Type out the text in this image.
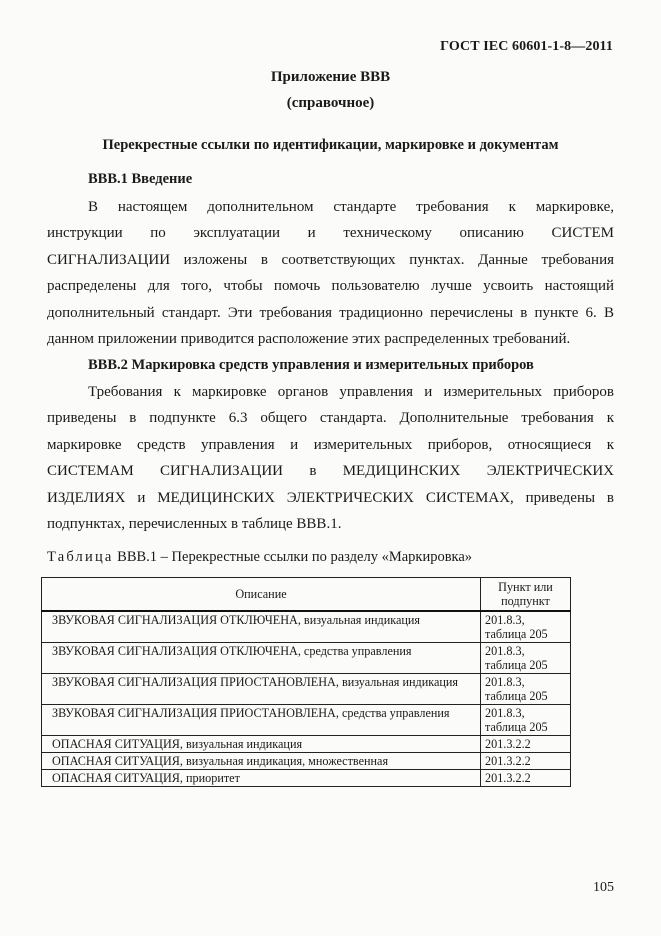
ГОСТ IEC 60601-1-8—2011
Приложение ВВВ
(справочное)
Перекрестные ссылки по идентификации, маркировке и документам
ВВВ.1 Введение
В настоящем дополнительном стандарте требования к маркировке,
инструкции по эксплуатации и техническому описанию СИСТЕМ
СИГНАЛИЗАЦИИ изложены в соответствующих пунктах. Данные требования
распределены для того, чтобы помочь пользователю лучше усвоить настоящий
дополнительный стандарт. Эти требования традиционно перечислены в пункте 6. В
данном приложении приводится расположение этих распределенных требований.
ВВВ.2 Маркировка средств управления и измерительных приборов
Требования к маркировке органов управления и измерительных приборов
приведены в подпункте 6.3 общего стандарта. Дополнительные требования к
маркировке средств управления и измерительных приборов, относящиеся к
СИСТЕМАМ СИГНАЛИЗАЦИИ в МЕДИЦИНСКИХ ЭЛЕКТРИЧЕСКИХ
ИЗДЕЛИЯХ и МЕДИЦИНСКИХ ЭЛЕКТРИЧЕСКИХ СИСТЕМАХ, приведены в
подпунктах, перечисленных в таблице ВВВ.1.
Таблица ВВВ.1 – Перекрестные ссылки по разделу «Маркировка»
Описание	Пункт или подпункт
ЗВУКОВАЯ СИГНАЛИЗАЦИЯ ОТКЛЮЧЕНА, визуальная индикация	201.8.3, таблица 205
ЗВУКОВАЯ СИГНАЛИЗАЦИЯ ОТКЛЮЧЕНА, средства управления	201.8.3, таблица 205
ЗВУКОВАЯ СИГНАЛИЗАЦИЯ ПРИОСТАНОВЛЕНА, визуальная индикация	201.8.3, таблица 205
ЗВУКОВАЯ СИГНАЛИЗАЦИЯ ПРИОСТАНОВЛЕНА, средства управления	201.8.3, таблица 205
ОПАСНАЯ СИТУАЦИЯ, визуальная индикация	201.3.2.2
ОПАСНАЯ СИТУАЦИЯ, визуальная индикация, множественная	201.3.2.2
ОПАСНАЯ СИТУАЦИЯ, приоритет	201.3.2.2
105
